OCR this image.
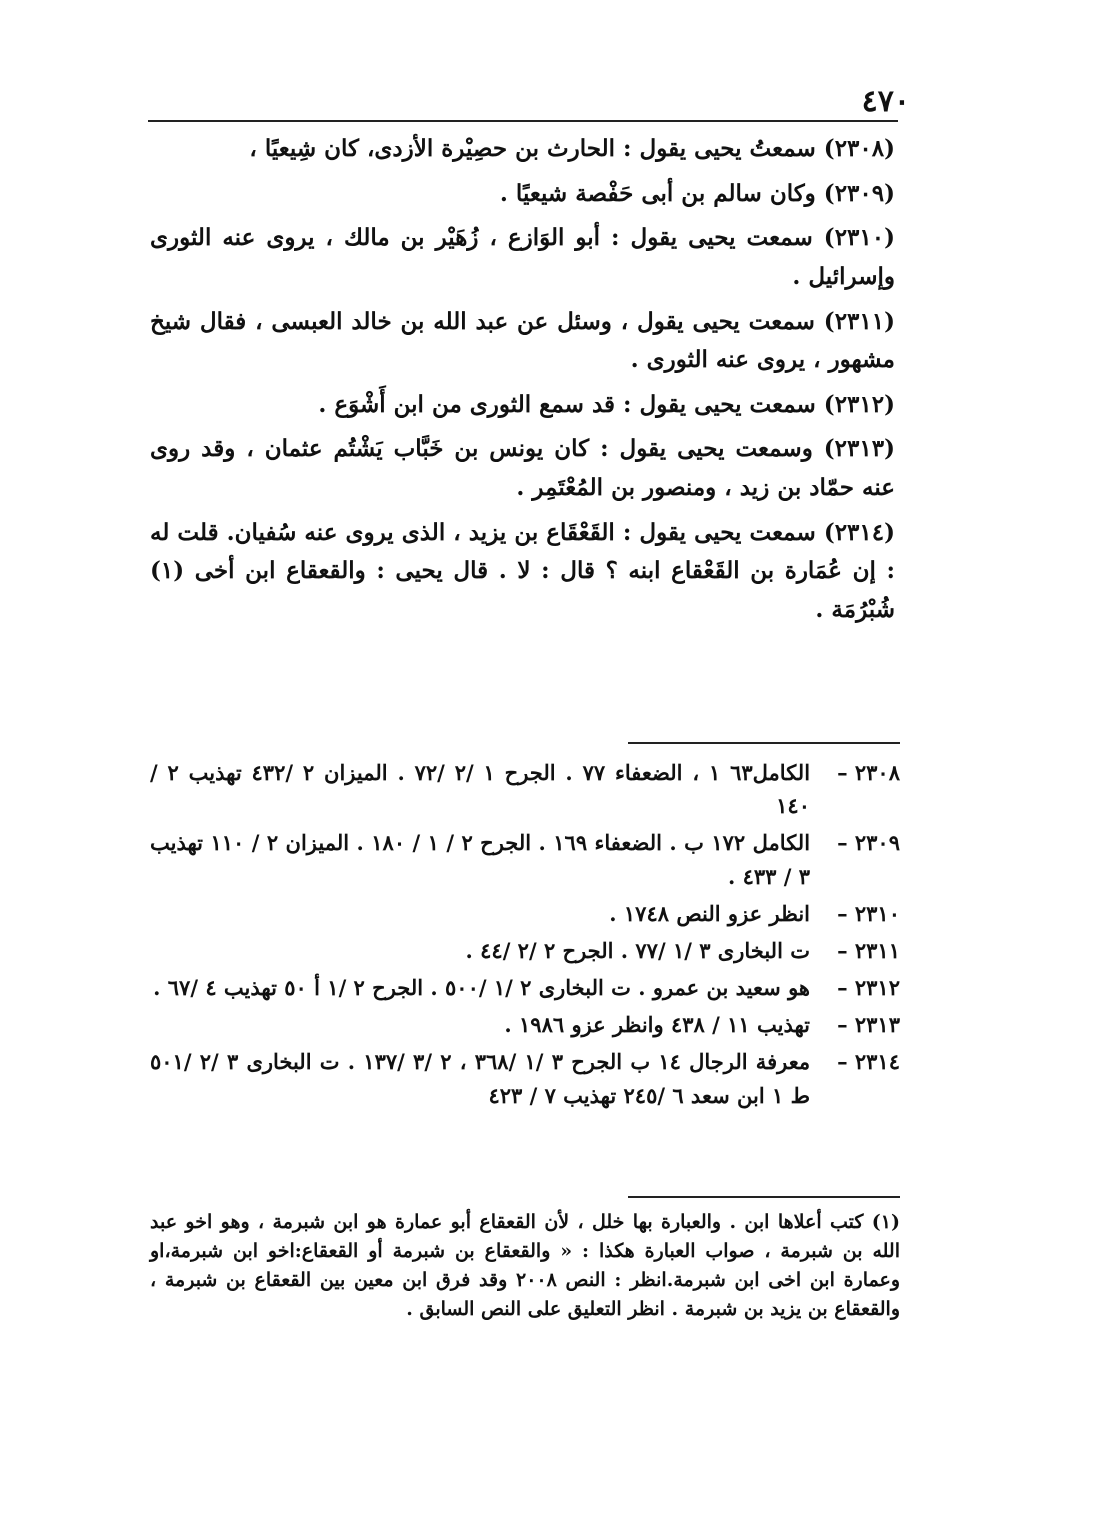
٤٧٠

(٢٣٠٨) سمعتُ يحيى يقول : الحارث بن حصِيْرة الأزدى، كان شِيعيًا ،

(٢٣٠٩) وكان سالم بن أبى حَفْصة شيعيًا .

(٢٣١٠) سمعت يحيى يقول : أبو الوَازع ، زُهَيْر بن مالك ، يروى عنه الثورى وإسرائيل .

(٢٣١١) سمعت يحيى يقول ، وسئل عن عبد الله بن خالد العبسى ، فقال شيخ مشهور ، يروى عنه الثورى .

(٢٣١٢) سمعت يحيى يقول : قد سمع الثورى من ابن أَشْوَع .

(٢٣١٣) وسمعت يحيى يقول : كان يونس بن خَبَّاب يَشْتُم عثمان ، وقد روى عنه حمّاد بن زيد ، ومنصور بن المُعْتَمِر .

(٢٣١٤) سمعت يحيى يقول : القَعْقَاع بن يزيد ، الذى يروى عنه سُفيان. قلت له : إن عُمَارة بن القَعْقاع ابنه ؟ قال : لا . قال يحيى : والقعقاع ابن أخى (١) شُبْرُمَة .

٢٣٠٨ –
الكامل٦٣ ١ ، الضعفاء ٧٧ . الجرح ١ /٢ /٧٢ . الميزان ٢ /٤٣٢ تهذيب ٢ / ١٤٠
٢٣٠٩ –
الكامل ١٧٢ ب . الضعفاء ١٦٩ . الجرح ٢ / ١ / ١٨٠ . الميزان ٢ / ١١٠ تهذيب ٣ / ٤٣٣ .
٢٣١٠ –
انظر عزو النص ١٧٤٨ .
٢٣١١ –
ت البخارى ٣ /١ /٧٧ . الجرح ٢ /٢ /٤٤ .
٢٣١٢ –
هو سعيد بن عمرو . ت البخارى ٢ /١ /٥٠٠ . الجرح ٢ /١ أ ٥٠ تهذيب ٤ /٦٧ .
٢٣١٣ –
تهذيب ١١ / ٤٣٨ وانظر عزو ١٩٨٦ .
٢٣١٤ –
معرفة الرجال ١٤ ب الجرح ٣ /١ /٣٦٨ ، ٢ /٣ /١٣٧ . ت البخارى ٣ /٢ /٥٠١ ط ١ ابن سعد ٦ /٢٤٥ تهذيب ٧ / ٤٢٣
(١) كتب أعلاها ابن . والعبارة بها خلل ، لأن القعقاع أبو عمارة هو ابن شبرمة ، وهو اخو عبد الله بن شبرمة ، صواب العبارة هكذا : « والقعقاع بن شبرمة أو القعقاع:اخو ابن شبرمة،او وعمارة ابن اخى ابن شبرمة.انظر : النص ٢٠٠٨ وقد فرق ابن معين بين القعقاع بن شبرمة ، والقعقاع بن يزيد بن شبرمة . انظر التعليق على النص السابق .
